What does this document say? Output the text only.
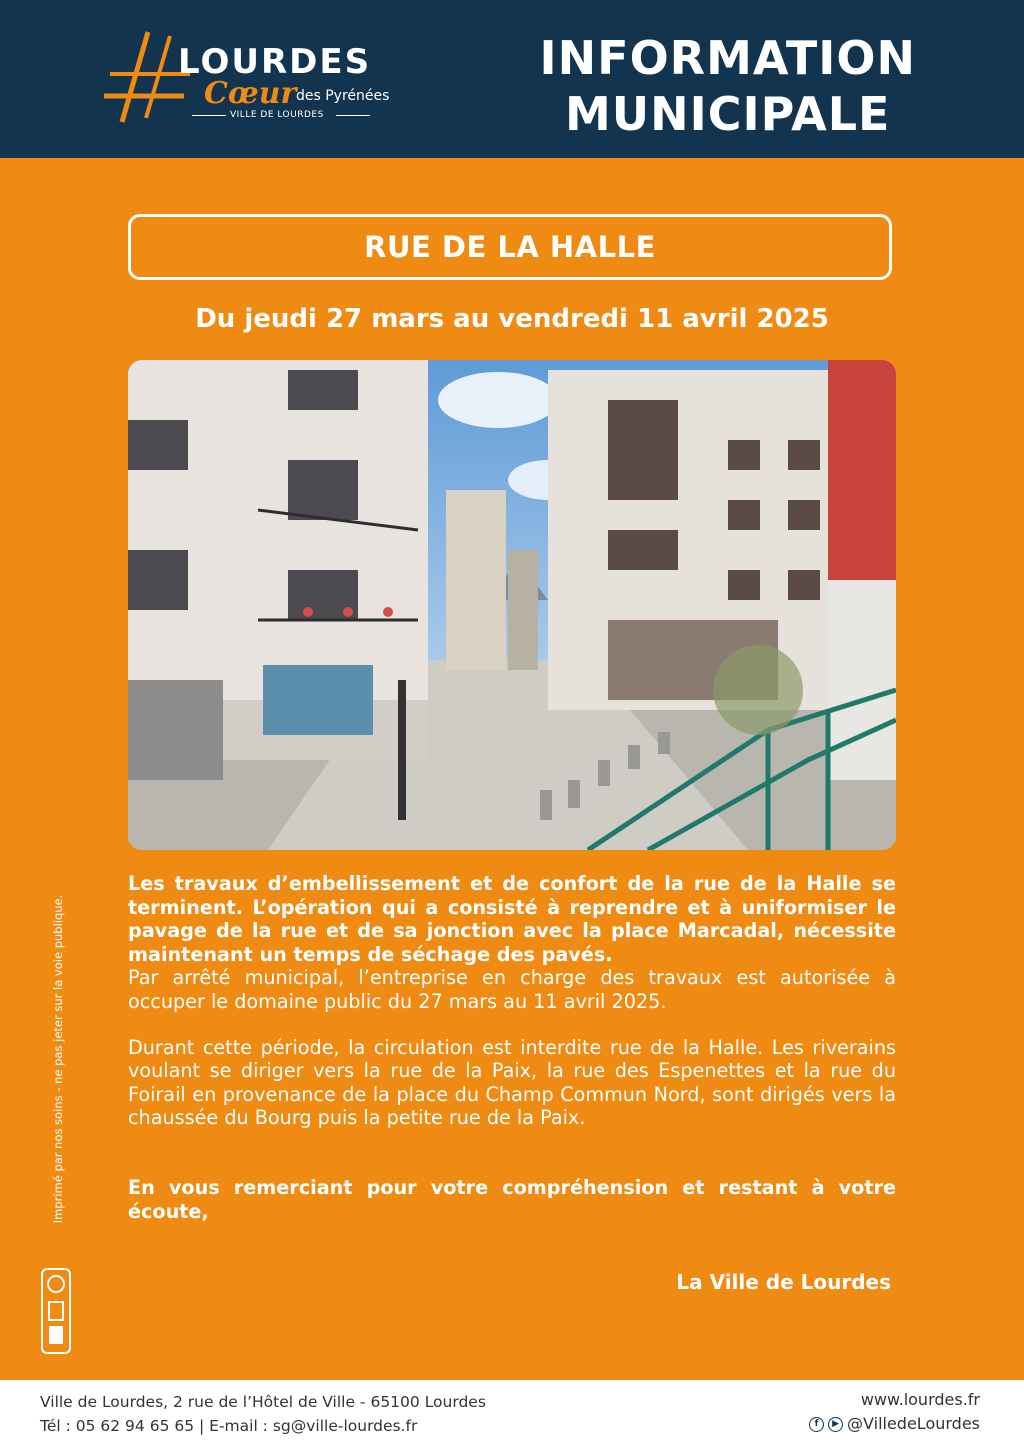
LOURDES
Cœur des Pyrénées
VILLE DE LOURDES
INFORMATION
MUNICIPALE
RUE DE LA HALLE
Du jeudi 27 mars au vendredi 11 avril 2025

Les travaux d’embellissement et de confort de la rue de la Halle se terminent. L’opération qui a consisté à reprendre et à uniformiser le pavage de la rue et de sa jonction avec la place Marcadal, nécessite maintenant un temps de séchage des pavés.

Par arrêté municipal, l’entreprise en charge des travaux est autorisée à occuper le domaine public du 27 mars au 11 avril 2025.

Durant cette période, la circulation est interdite rue de la Halle. Les riverains voulant se diriger vers la rue de la Paix, la rue des Espenettes et la rue du Foirail en provenance de la place du Champ Commun Nord, sont dirigés vers la chaussée du Bourg puis la petite rue de la Paix.

En vous remerciant pour votre compréhension et restant à votre écoute,

La Ville de Lourdes
Imprimé par nos soins - ne pas jeter sur la voie publique.
Ville de Lourdes, 2 rue de l’Hôtel de Ville - 65100 Lourdes
Tél : 05 62 94 65 65 | E-mail : sg@ville-lourdes.fr
www.lourdes.fr
f	▶ @VilledeLourdes
